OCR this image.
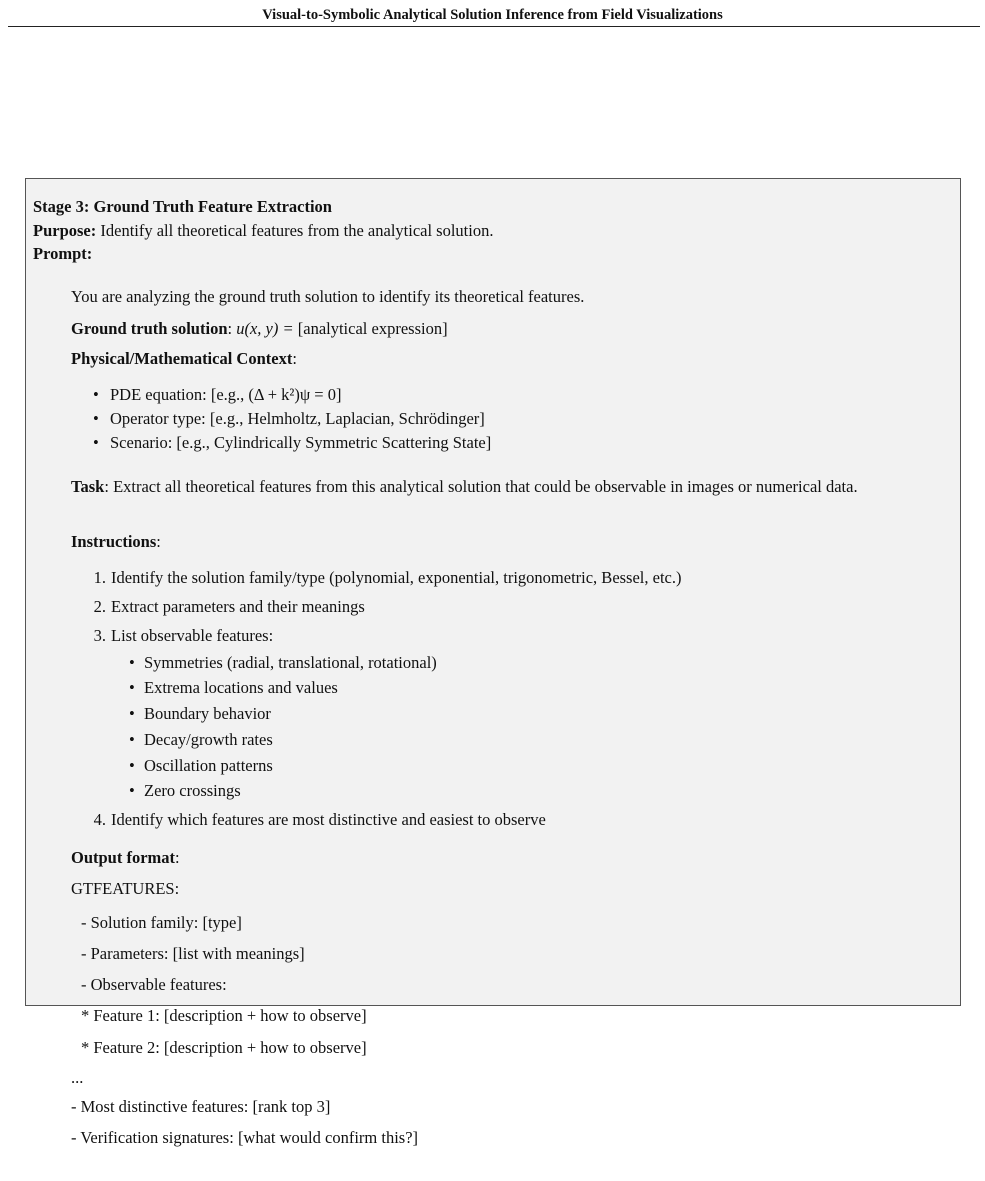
Visual-to-Symbolic Analytical Solution Inference from Field Visualizations
Stage 3: Ground Truth Feature Extraction
Purpose: Identify all theoretical features from the analytical solution.
Prompt:
You are analyzing the ground truth solution to identify its theoretical features.
Ground truth solution: u(x, y) = [analytical expression]
Physical/Mathematical Context:
• PDE equation: [e.g., (Δ + k²)ψ = 0]
• Operator type: [e.g., Helmholtz, Laplacian, Schrödinger]
• Scenario: [e.g., Cylindrically Symmetric Scattering State]
Task: Extract all theoretical features from this analytical solution that could be observable in images or numerical data.
Instructions:
1. Identify the solution family/type (polynomial, exponential, trigonometric, Bessel, etc.)
2. Extract parameters and their meanings
3. List observable features:
• Symmetries (radial, translational, rotational)
• Extrema locations and values
• Boundary behavior
• Decay/growth rates
• Oscillation patterns
• Zero crossings
4. Identify which features are most distinctive and easiest to observe
Output format:
GTFEATURES:
- Solution family: [type]
- Parameters: [list with meanings]
- Observable features:
* Feature 1: [description + how to observe]
* Feature 2: [description + how to observe]
...
- Most distinctive features: [rank top 3]
- Verification signatures: [what would confirm this?]
